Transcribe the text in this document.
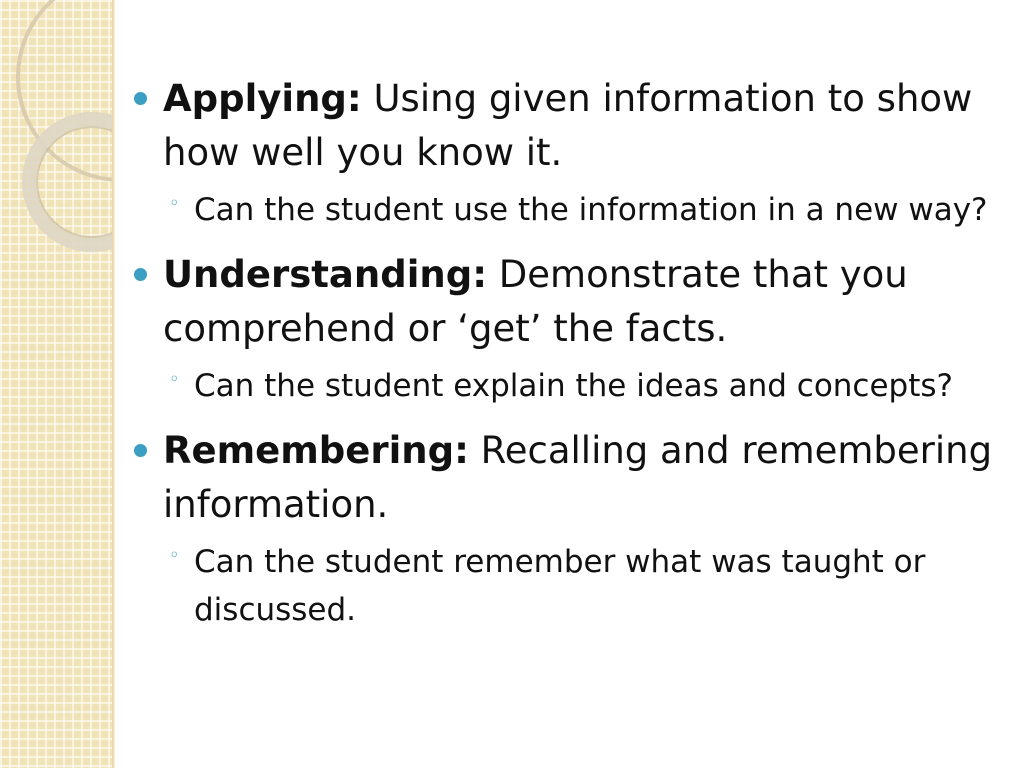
Applying: Using given information to show how well you know it.
◦ Can the student use the information in a new way?
Understanding: Demonstrate that you comprehend or ‘get’ the facts.
◦ Can the student explain the ideas and concepts?
Remembering: Recalling and remembering information.
◦ Can the student remember what was taught or discussed.
